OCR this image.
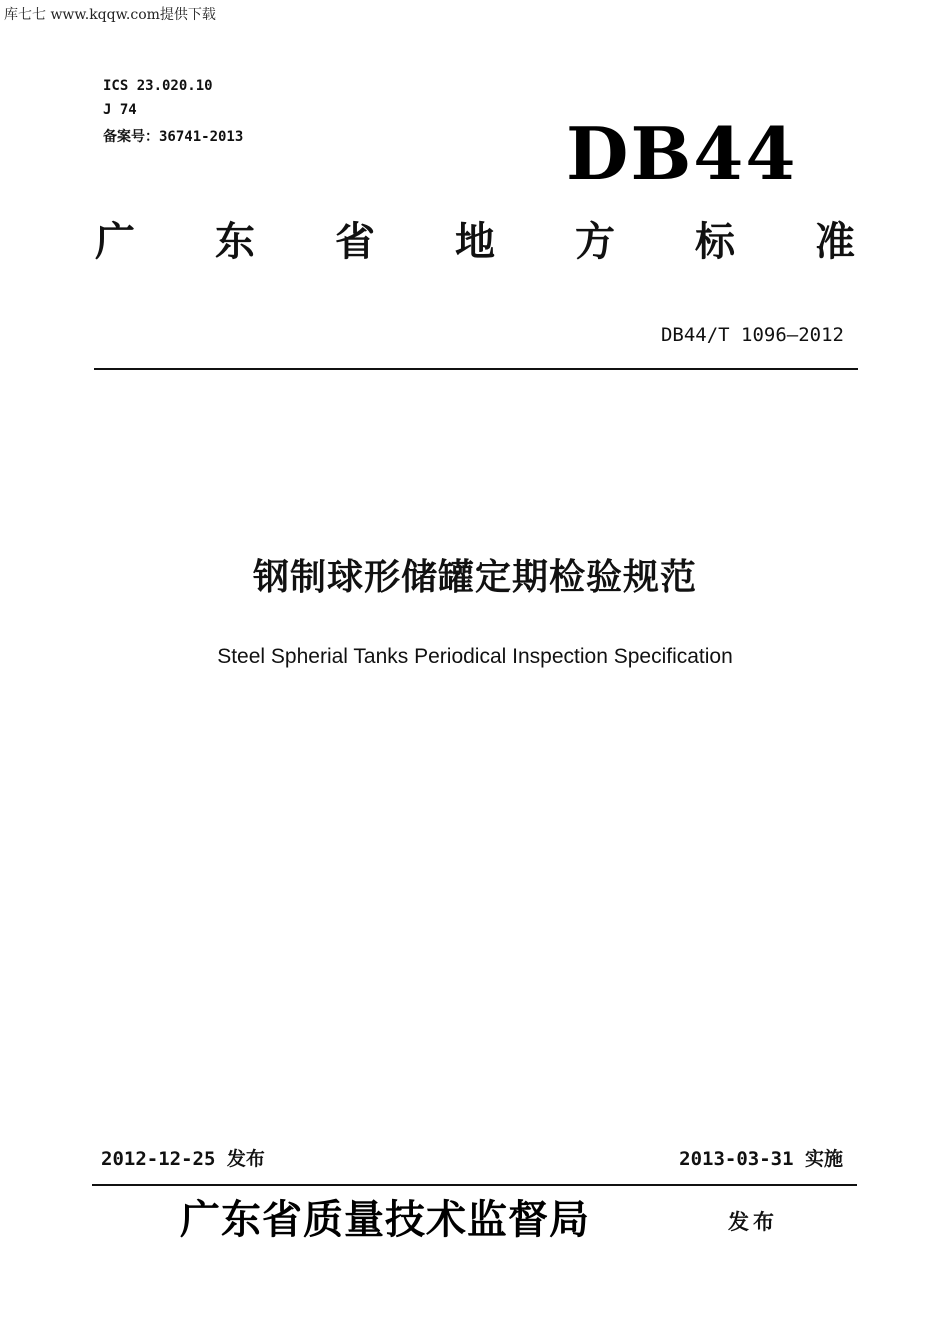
库七七 www.kqqw.com提供下载
ICS 23.020.10
J 74
备案号：36741-2013	DB44
广 东 省 地 方 标 准
DB44/T 1096—2012
钢制球形储罐定期检验规范
Steel Spherial Tanks Periodical Inspection Specification
2012-12-25 发布	2013-03-31 实施
广东省质量技术监督局	发布
